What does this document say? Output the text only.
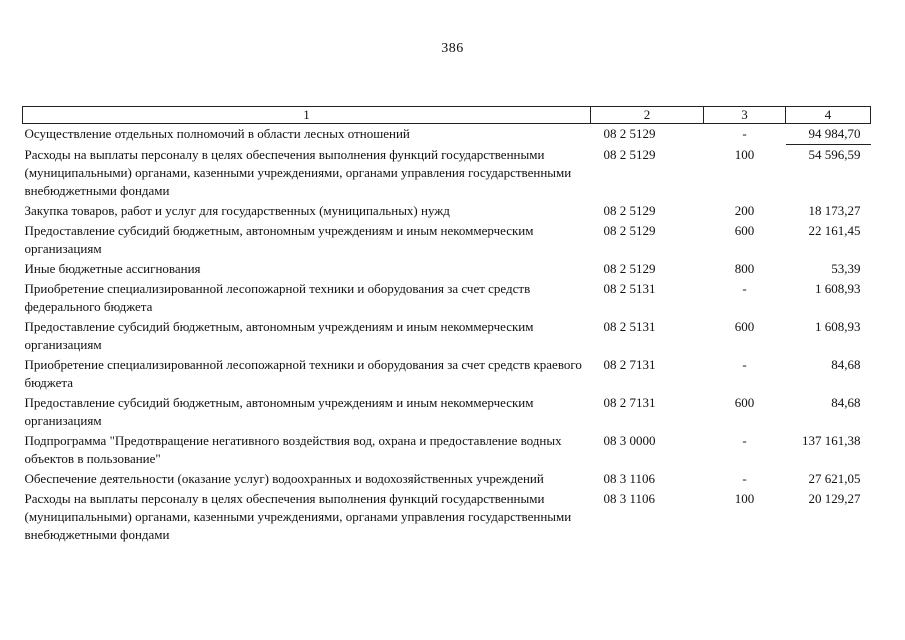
386
1	2	3	4
Осуществление отдельных полномочий в области лесных отношений	08 2 5129	-	94 984,70
Расходы на выплаты персоналу в целях обеспечения выполнения функций государственными (муниципальными) органами, казенными учреждениями, органами управления государственными внебюджетными фондами	08 2 5129	100	54 596,59
Закупка товаров, работ и услуг для государственных (муниципальных) нужд	08 2 5129	200	18 173,27
Предоставление субсидий бюджетным, автономным учреждениям и иным некоммерческим организациям	08 2 5129	600	22 161,45
Иные бюджетные ассигнования	08 2 5129	800	53,39
Приобретение специализированной лесопожарной техники и оборудования за счет средств федерального бюджета	08 2 5131	-	1 608,93
Предоставление субсидий бюджетным, автономным учреждениям и иным некоммерческим организациям	08 2 5131	600	1 608,93
Приобретение специализированной лесопожарной техники и оборудования за счет средств краевого бюджета	08 2 7131	-	84,68
Предоставление субсидий бюджетным, автономным учреждениям и иным некоммерческим организациям	08 2 7131	600	84,68
Подпрограмма "Предотвращение негативного воздействия вод, охрана и предоставление водных объектов в пользование"	08 3 0000	-	137 161,38
Обеспечение деятельности (оказание услуг) водоохранных и водохозяйственных учреждений	08 3 1106	-	27 621,05
Расходы на выплаты персоналу в целях обеспечения выполнения функций государственными (муниципальными) органами, казенными учреждениями, органами управления государственными внебюджетными фондами	08 3 1106	100	20 129,27
